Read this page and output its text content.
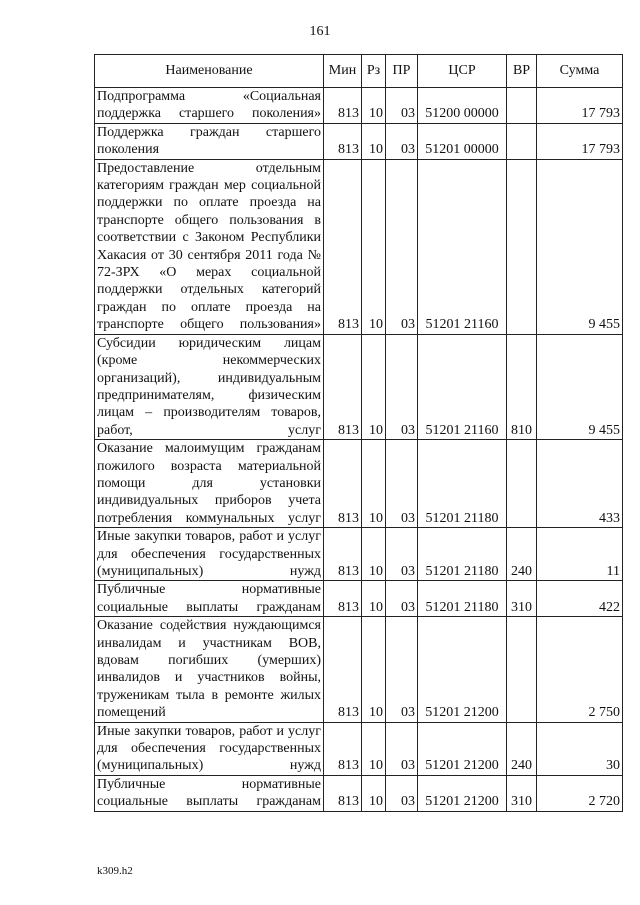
161
Наименование	Мин	Рз	ПР	ЦСР	ВР	Сумма
Подпрограмма «Социальная поддержка старшего поколения»	813	10	03	51200 00000		17 793
Поддержка граждан старшего поколения	813	10	03	51201 00000		17 793
Предоставление отдельным категориям граждан мер социальной поддержки по оплате проезда на транспорте общего пользования в соответствии с Законом Республики Хакасия от 30 сентября 2011 года № 72-ЗРХ «О мерах социальной поддержки отдельных категорий граждан по оплате проезда на транспорте общего пользования»	813	10	03	51201 21160		9 455
Субсидии юридическим лицам (кроме некоммерческих организаций), индивидуальным предпринимателям, физическим лицам – производителям товаров, работ, услуг	813	10	03	51201 21160	810	9 455
Оказание малоимущим гражданам пожилого возраста материальной помощи для установки индивидуальных приборов учета потребления коммунальных услуг	813	10	03	51201 21180		433
Иные закупки товаров, работ и услуг для обеспечения государственных (муниципальных) нужд	813	10	03	51201 21180	240	11
Публичные нормативные социальные выплаты гражданам	813	10	03	51201 21180	310	422
Оказание содействия нуждающимся инвалидам и участникам ВОВ, вдовам погибших (умерших) инвалидов и участников войны, труженикам тыла в ремонте жилых помещений	813	10	03	51201 21200		2 750
Иные закупки товаров, работ и услуг для обеспечения государственных (муниципальных) нужд	813	10	03	51201 21200	240	30
Публичные нормативные социальные выплаты гражданам	813	10	03	51201 21200	310	2 720
k309.h2
